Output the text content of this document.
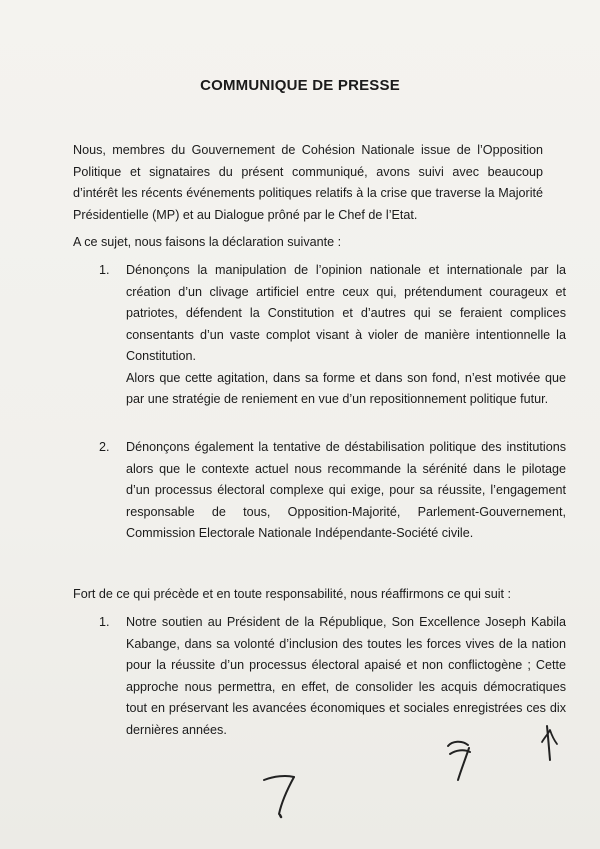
COMMUNIQUE DE PRESSE
Nous, membres du Gouvernement de Cohésion Nationale issue de l’Opposition Politique et signataires du présent communiqué, avons suivi avec beaucoup d’intérêt les récents événements politiques relatifs à la crise que traverse la Majorité Présidentielle (MP) et au Dialogue prôné par le Chef de l’Etat.
A ce sujet, nous faisons la déclaration suivante :
1.	Dénonçons la manipulation de l’opinion nationale et internationale par la création d’un clivage artificiel entre ceux qui, prétendument courageux et patriotes, défendent la Constitution et d’autres qui se feraient complices consentants d’un vaste complot visant à violer de manière intentionnelle la Constitution.
Alors que cette agitation, dans sa forme et dans son fond, n’est motivée que par une stratégie de reniement en vue d’un repositionnement politique futur.
2.	Dénonçons également la tentative de déstabilisation politique des institutions alors que le contexte actuel nous recommande la sérénité dans le pilotage d’un processus électoral complexe qui exige, pour sa réussite, l’engagement responsable de tous, Opposition-Majorité, Parlement-Gouvernement, Commission Electorale Nationale Indépendante-Société civile.
Fort de ce qui précède et en toute responsabilité, nous réaffirmons ce qui suit :
1.	Notre soutien au Président de la République, Son Excellence Joseph Kabila Kabange, dans sa volonté d’inclusion des toutes les forces vives de la nation pour la réussite d’un processus électoral apaisé et non conflictogène ; Cette approche nous permettra, en effet, de consolider les acquis démocratiques tout en préservant les avancées économiques et sociales enregistrées ces dix dernières années.
